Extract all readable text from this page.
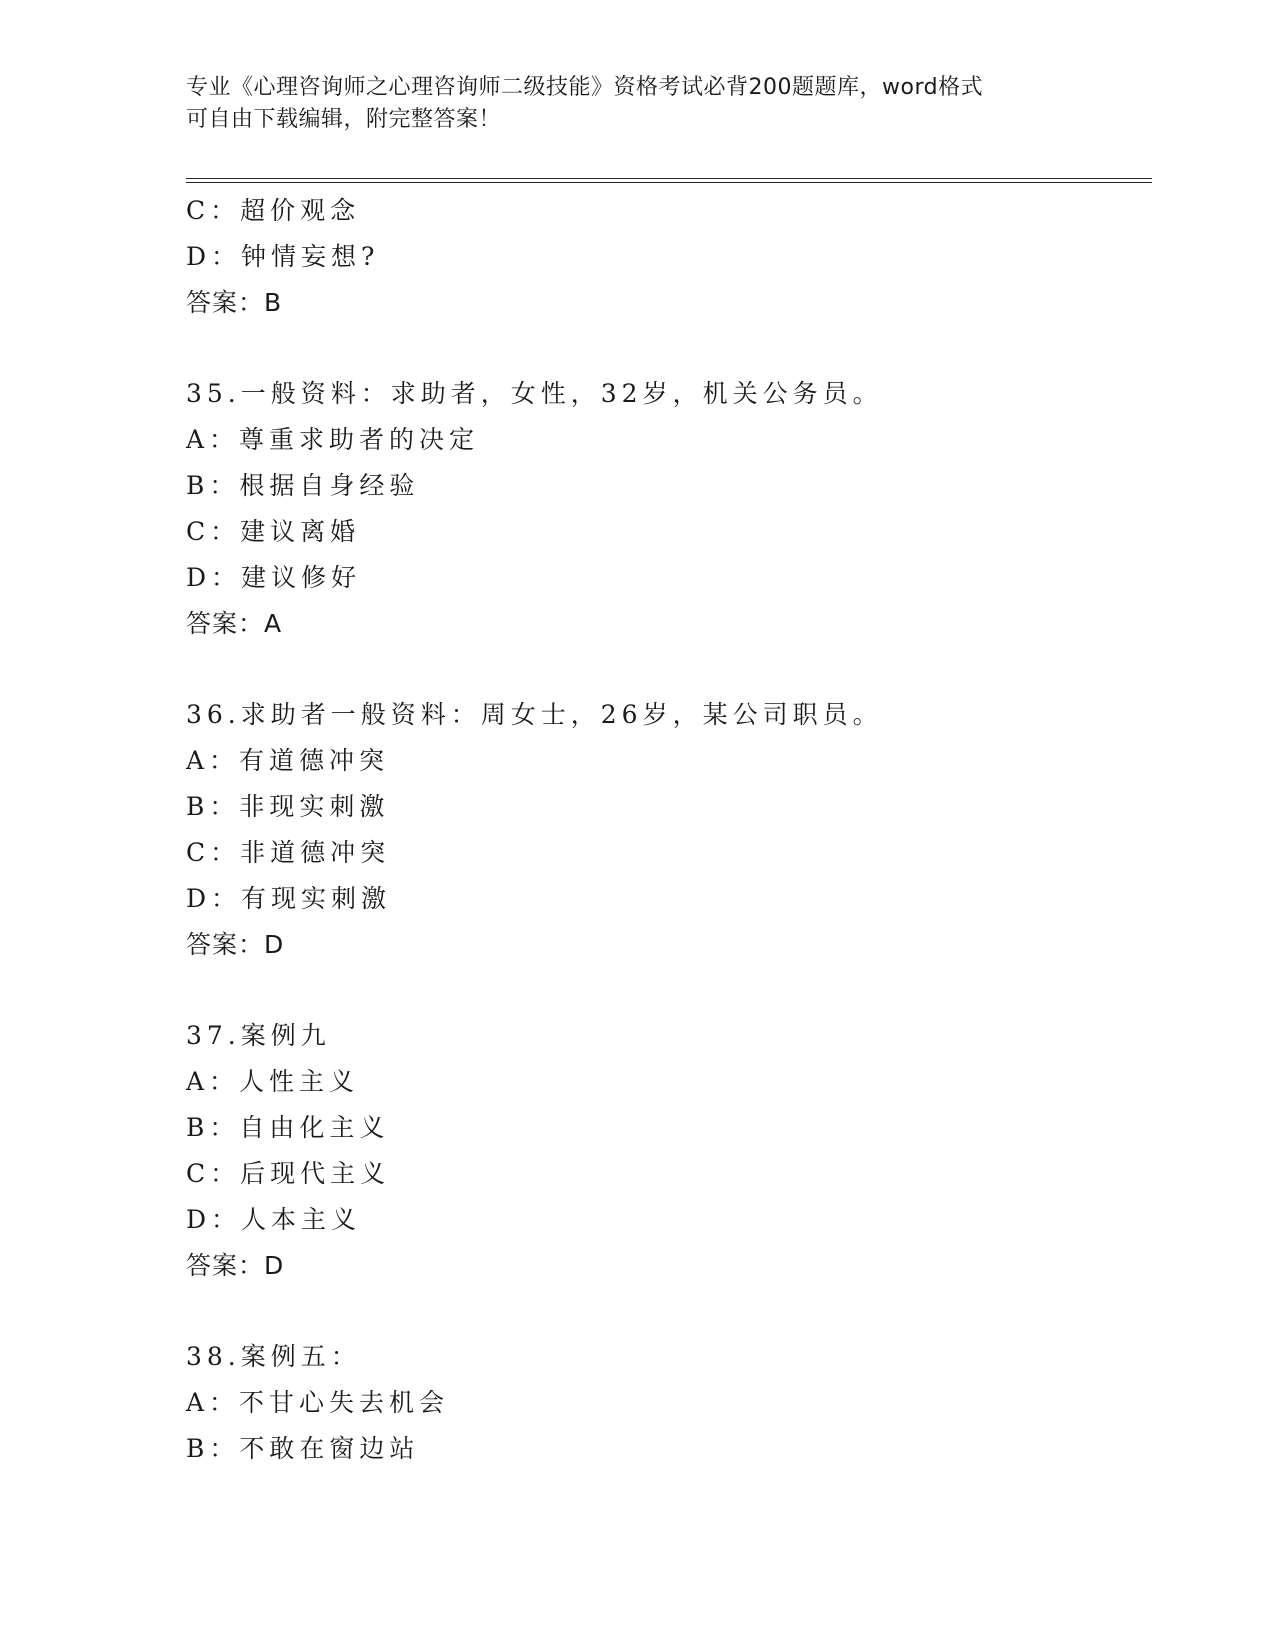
专业《心理咨询师之心理咨询师二级技能》资格考试必背200题题库，word格式
可自由下载编辑，附完整答案！
C：超价观念
D：钟情妄想?
答案：B
35.一般资料：求助者，女性，32岁，机关公务员。
A：尊重求助者的决定
B：根据自身经验
C：建议离婚
D：建议修好
答案：A
36.求助者一般资料：周女士，26岁，某公司职员。
A：有道德冲突
B：非现实刺激
C：非道德冲突
D：有现实刺激
答案：D
37.案例九
A：人性主义
B：自由化主义
C：后现代主义
D：人本主义
答案：D
38.案例五：
A：不甘心失去机会
B：不敢在窗边站
